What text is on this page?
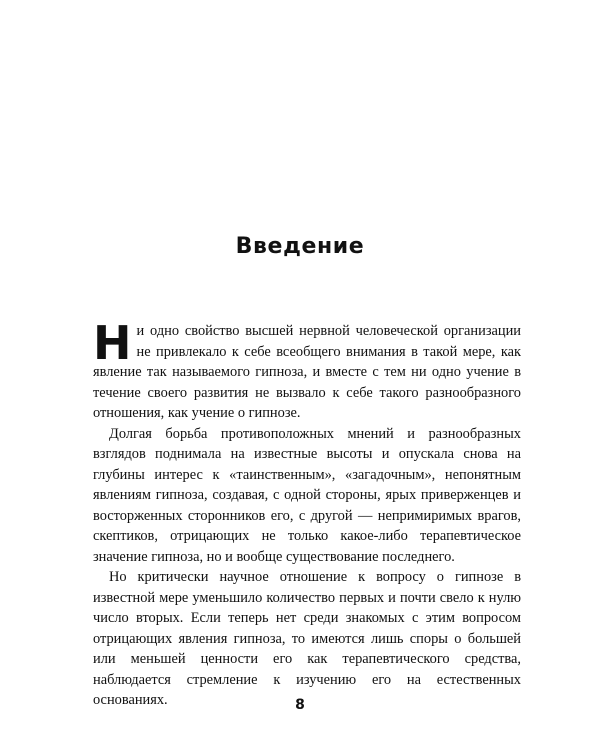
Введение

Ни одно свойство высшей нервной человеческой организации не привлекало к себе всеобщего внимания в такой мере, как явление так называемого гипноза, и вместе с тем ни одно учение в течение своего развития не вызвало к себе такого разнообразного отношения, как учение о гипнозе.

Долгая борьба противоположных мнений и разнообразных взглядов поднимала на известные высоты и опускала снова на глубины интерес к «таинственным», «загадочным», непонятным явлениям гипноза, создавая, с одной стороны, ярых приверженцев и восторженных сторонников его, с другой — непримиримых врагов, скептиков, отрицающих не только какое-либо терапевтическое значение гипноза, но и вообще существование последнего.

Но критически научное отношение к вопросу о гипнозе в известной мере уменьшило количество первых и почти свело к нулю число вторых. Если теперь нет среди знакомых с этим вопросом отрицающих явления гипноза, то имеются лишь споры о большей или меньшей ценности его как терапевтического средства, наблюдается стремление к изучению его на естественных основаниях.	8
